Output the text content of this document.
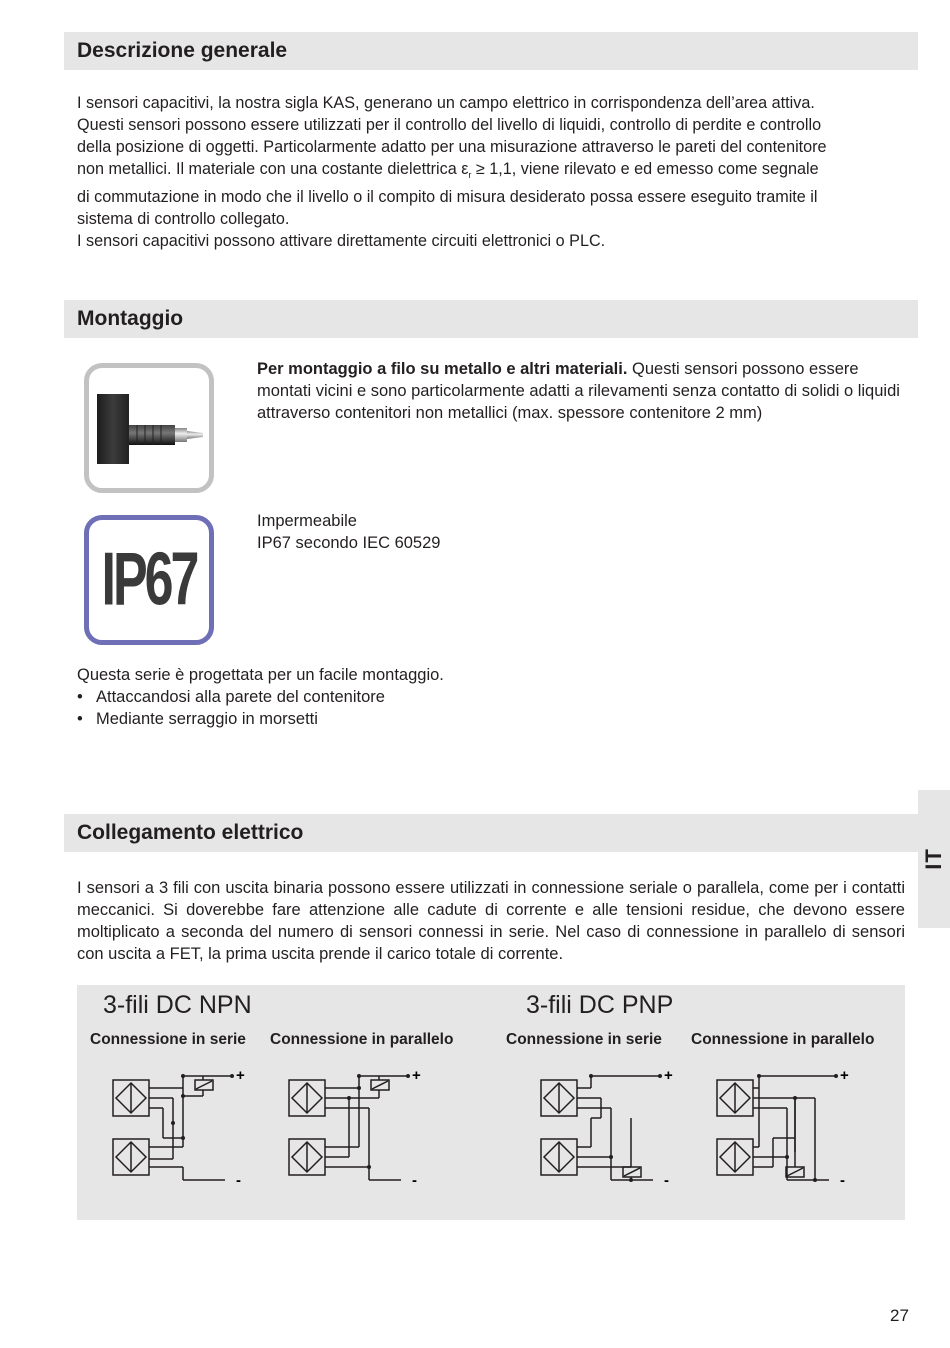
Descrizione generale

I sensori capacitivi, la nostra sigla KAS, generano un campo elettrico in corrispondenza dell’area attiva.

Questi sensori possono essere utilizzati per il controllo del livello di liquidi, controllo di perdite e controllo

della posizione di oggetti. Particolarmente adatto per una misurazione attraverso le pareti del contenitore

non metallici. Il materiale con una costante dielettrica $\varepsilon_r \ge 1,1$, viene rilevato e ed emesso come segnale

di commutazione in modo che il livello o il compito di misura desiderato possa essere eseguito tramite il

sistema di controllo collegato.

I sensori capacitivi possono attivare direttamente circuiti elettronici o PLC.

Montaggio
Per montaggio a filo su metallo e altri materiali. Questi sensori possono essere montati vicini e sono particolarmente adatti a rilevamenti senza contatto di solidi o liquidi attraverso contenitori non metallici (max. spessore contenitore 2 mm)
IP67
Impermeabile
IP67 secondo IEC 60529
Questa serie è progettata per un facile montaggio.
• Attaccandosi alla parete del contenitore
• Mediante serraggio in morsetti
IT
Collegamento elettrico

I sensori a 3 fili con uscita binaria possono essere utilizzati in connessione seriale o parallela, come per i contatti meccanici. Si doverebbe fare attenzione alle cadute di corrente e alle tensioni residue, che devono essere moltiplicato a seconda del numero di sensori connessi in serie. Nel caso di connessione in parallelo di sensori con uscita a FET, la prima uscita prende il carico totale di corrente.

3-fili DC NPN	3-fili DC PNP
Connessione in serie Connessione in parallelo	Connessione in serie Connessione in parallelo
+
-
+
-
+
-
+
-
27
